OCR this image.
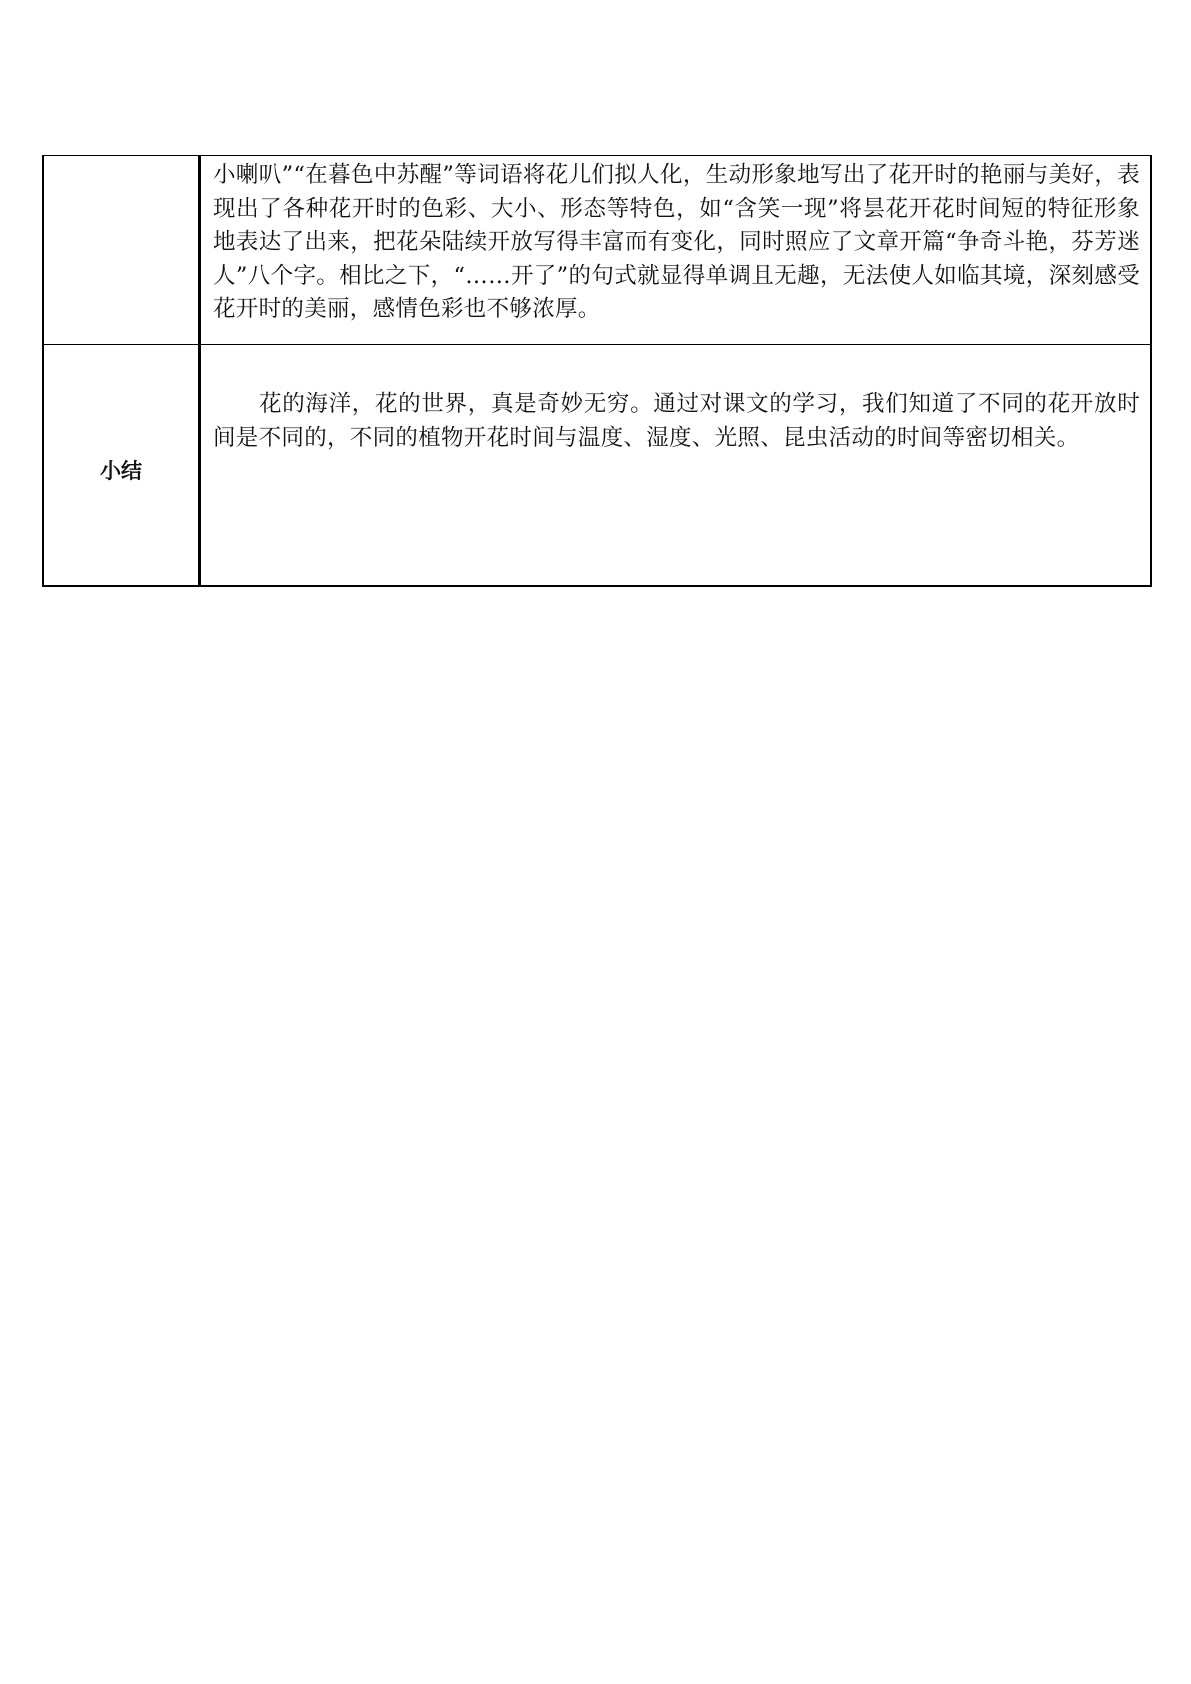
	小喇叭”“在暮色中苏醒”等词语将花儿们拟人化，生动形象地写出了花开时的艳丽与美好，表现出了各种花开时的色彩、大小、形态等特色，如“含笑一现”将昙花开花时间短的特征形象地表达了出来，把花朵陆续开放写得丰富而有变化，同时照应了文章开篇“争奇斗艳，芬芳迷人”八个字。相比之下，“……开了”的句式就显得单调且无趣，无法使人如临其境，深刻感受花开时的美丽，感情色彩也不够浓厚。

小结	花的海洋，花的世界，真是奇妙无穷。通过对课文的学习，我们知道了不同的花开放时间是不同的，不同的植物开花时间与温度、湿度、光照、昆虫活动的时间等密切相关。
